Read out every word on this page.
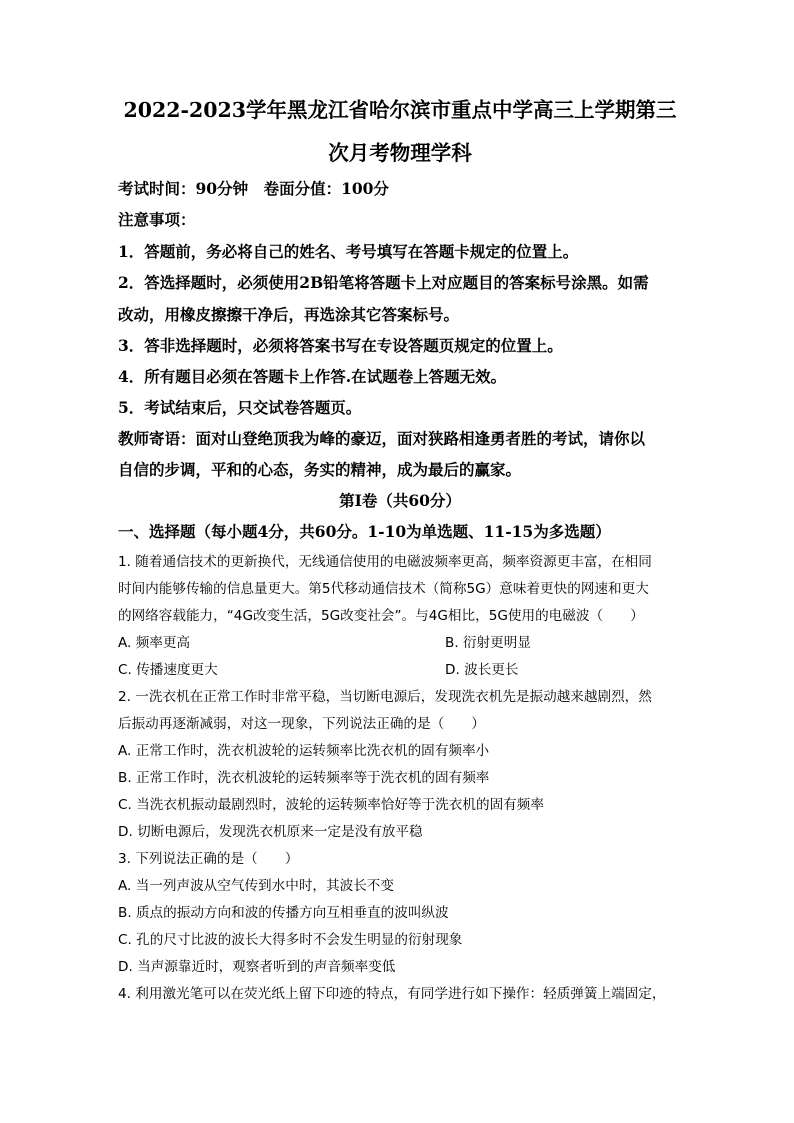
2022-2023学年黑龙江省哈尔滨市重点中学高三上学期第三
次月考物理学科
考试时间：90分钟　卷面分值：100分
注意事项：
1．答题前，务必将自己的姓名、考号填写在答题卡规定的位置上。
2．答选择题时，必须使用2B铅笔将答题卡上对应题目的答案标号涂黑。如需
改动，用橡皮擦擦干净后，再选涂其它答案标号。
3．答非选择题时，必须将答案书写在专设答题页规定的位置上。
4．所有题目必须在答题卡上作答.在试题卷上答题无效。
5．考试结束后，只交试卷答题页。
教师寄语：面对山登绝顶我为峰的豪迈，面对狭路相逢勇者胜的考试，请你以
自信的步调，平和的心态，务实的精神，成为最后的赢家。
第I卷（共60分）
一、选择题（每小题4分，共60分。1-10为单选题、11-15为多选题）
1. 随着通信技术的更新换代，无线通信使用的电磁波频率更高，频率资源更丰富，在相同
时间内能够传输的信息量更大。第5代移动通信技术（简称5G）意味着更快的网速和更大
的网络容载能力，“4G改变生活，5G改变社会”。与4G相比，5G使用的电磁波（　　）
A. 频率更高	B. 衍射更明显
C. 传播速度更大	D. 波长更长
2. 一洗衣机在正常工作时非常平稳，当切断电源后，发现洗衣机先是振动越来越剧烈，然
后振动再逐渐减弱，对这一现象，下列说法正确的是（　　）
A. 正常工作时，洗衣机波轮的运转频率比洗衣机的固有频率小
B. 正常工作时，洗衣机波轮的运转频率等于洗衣机的固有频率
C. 当洗衣机振动最剧烈时，波轮的运转频率恰好等于洗衣机的固有频率
D. 切断电源后，发现洗衣机原来一定是没有放平稳
3. 下列说法正确的是（　　）
A. 当一列声波从空气传到水中时，其波长不变
B. 质点的振动方向和波的传播方向互相垂直的波叫纵波
C. 孔的尺寸比波的波长大得多时不会发生明显的衍射现象
D. 当声源靠近时，观察者听到的声音频率变低
4. 利用激光笔可以在荧光纸上留下印迹的特点，有同学进行如下操作：轻质弹簧上端固定，
